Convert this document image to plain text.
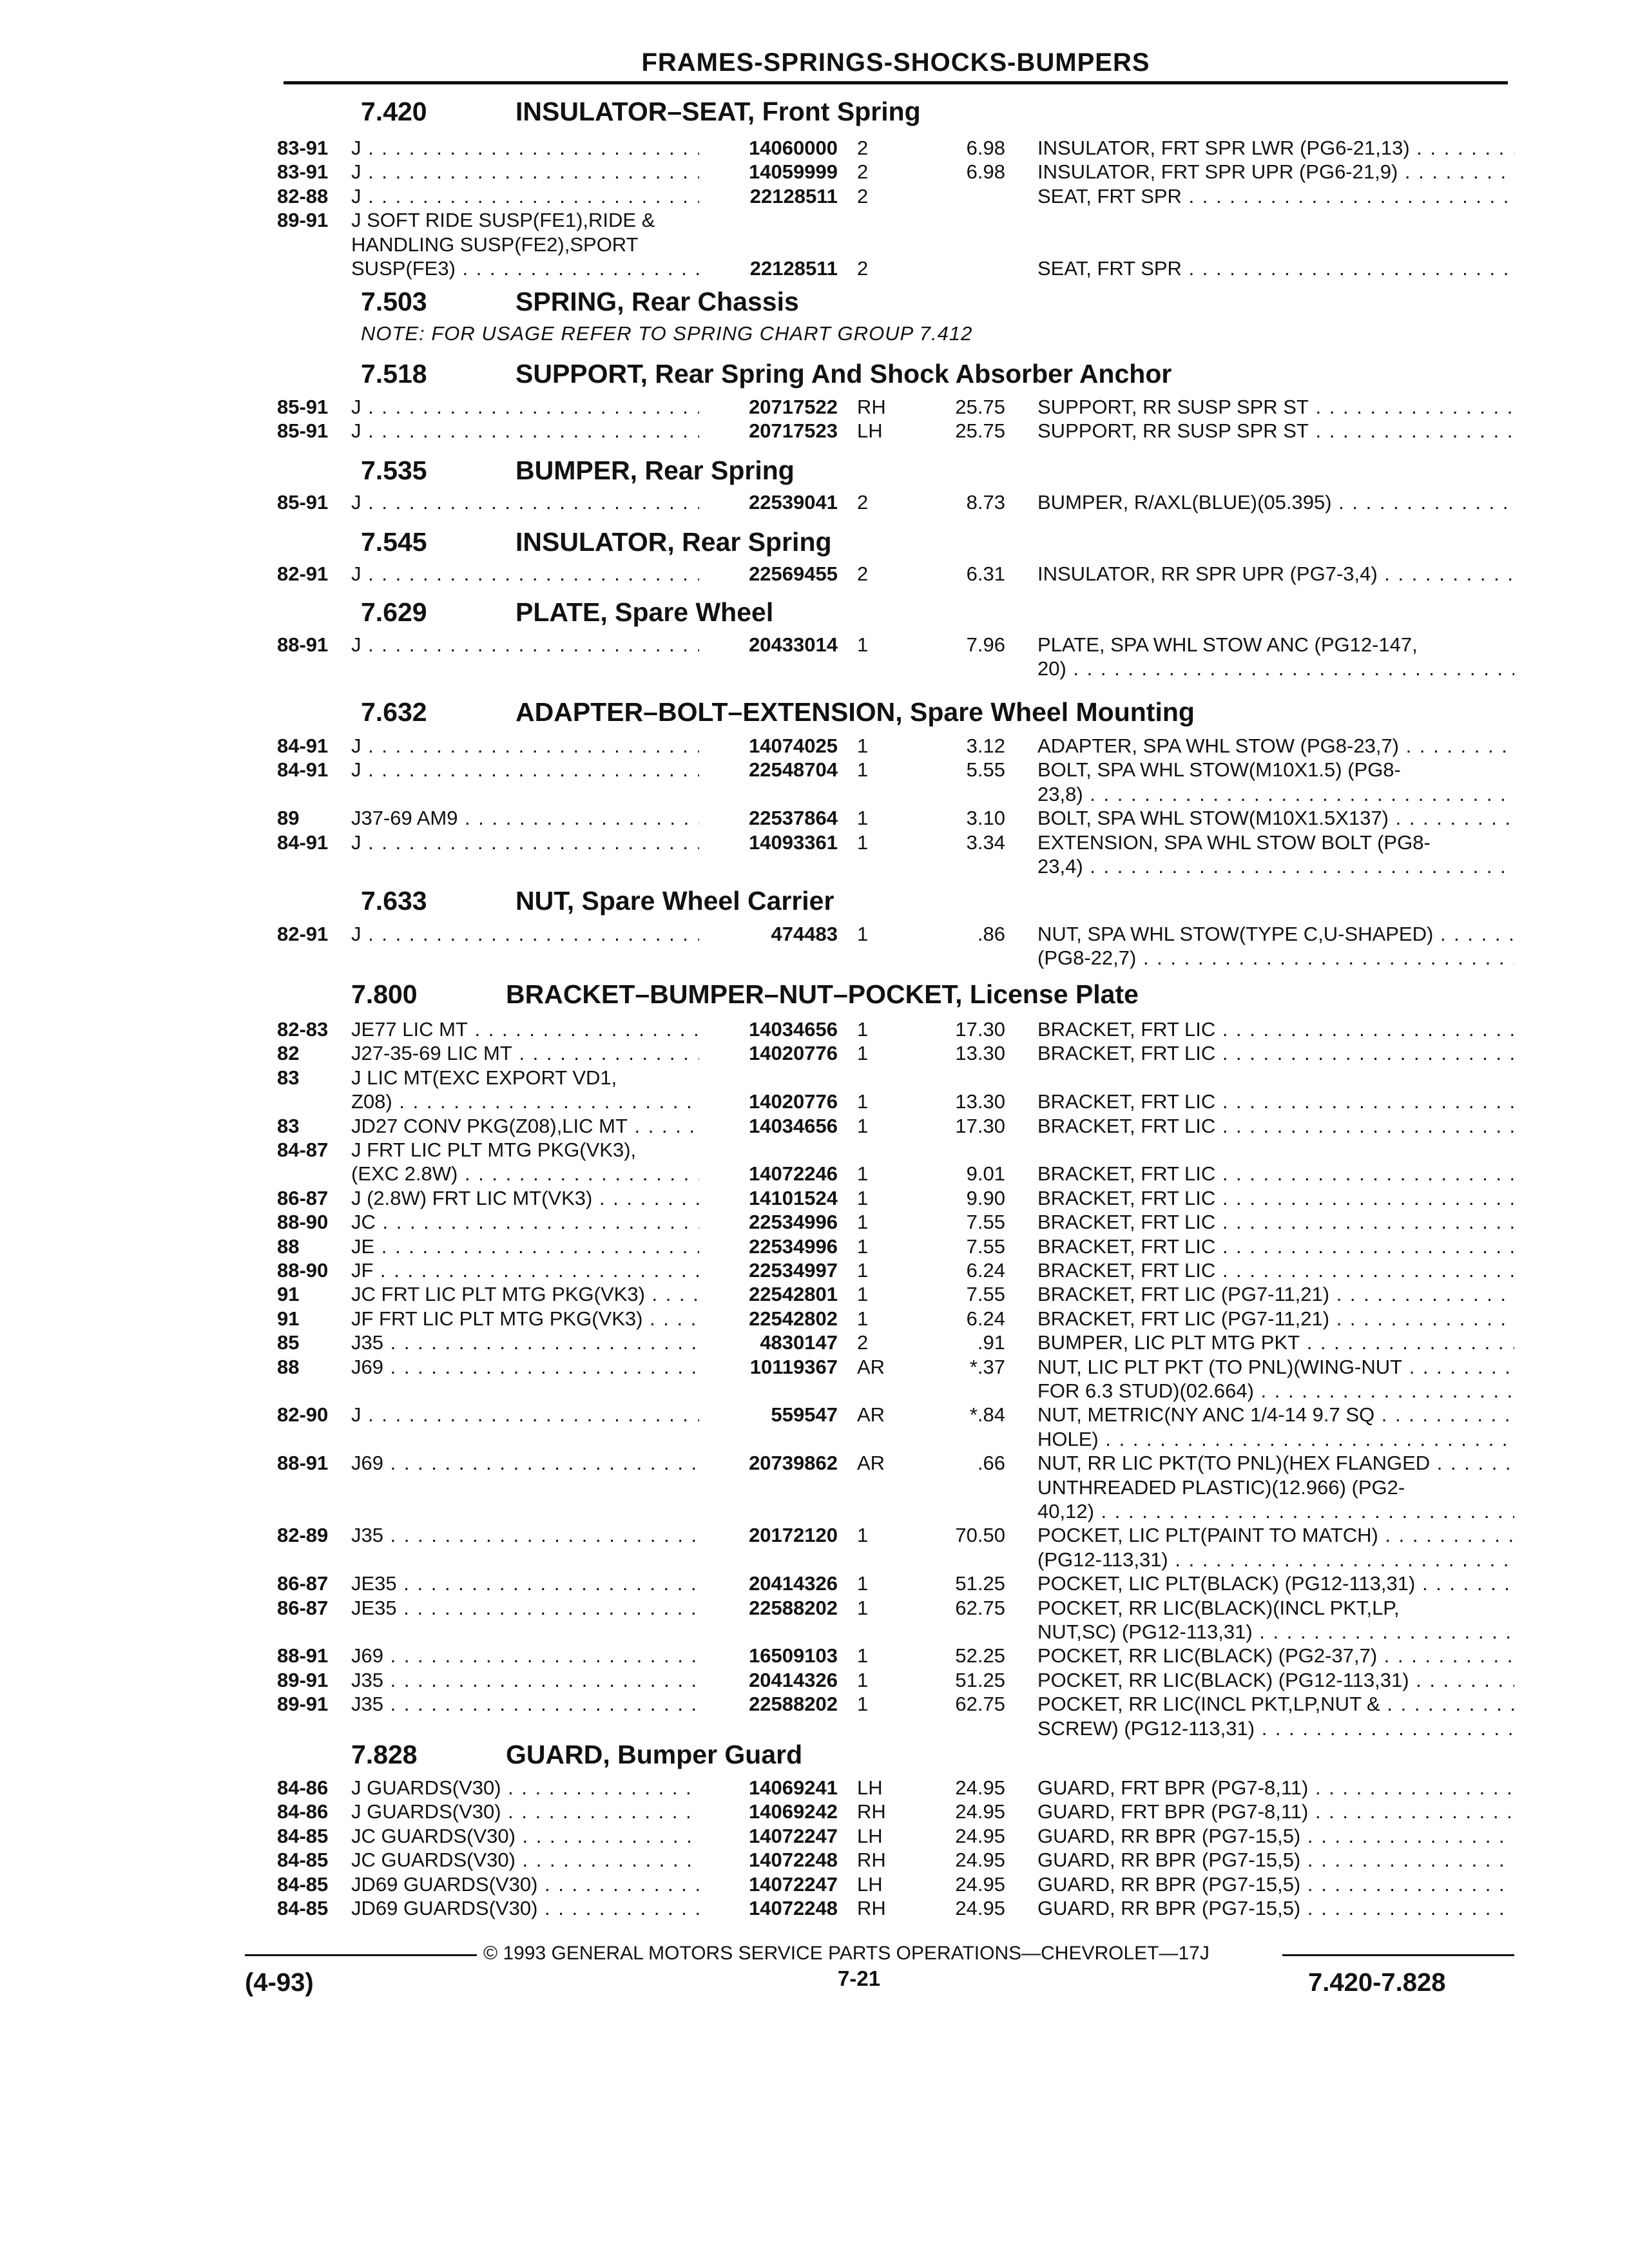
FRAMES-SPRINGS-SHOCKS-BUMPERS
7.420	INSULATOR–SEAT, Front Spring
83-91 J . . .	14060000 2	6.98 INSULATOR, FRT SPR LWR (PG6-21,13) . . .
83-91 J . . .	14059999 2	6.98 INSULATOR, FRT SPR UPR (PG6-21,9) . . .
82-88 J . . .	22128511 2	SEAT, FRT SPR . . .
89-91 J SOFT RIDE SUSP(FE1),RIDE &
HANDLING SUSP(FE2),SPORT
SUSP(FE3) . . .	22128511 2	SEAT, FRT SPR . . .
7.503	SPRING, Rear Chassis
NOTE: FOR USAGE REFER TO SPRING CHART GROUP 7.412
7.518	SUPPORT, Rear Spring And Shock Absorber Anchor
85-91 J . . .	20717522 RH	25.75 SUPPORT, RR SUSP SPR ST . . .
85-91 J . . .	20717523 LH	25.75 SUPPORT, RR SUSP SPR ST . . .
7.535	BUMPER, Rear Spring
85-91 J . . .	22539041 2	8.73 BUMPER, R/AXL(BLUE)(05.395) . . .
7.545	INSULATOR, Rear Spring
82-91 J . . .	22569455 2	6.31 INSULATOR, RR SPR UPR (PG7-3,4) . . .
7.629	PLATE, Spare Wheel
88-91 J . . .	20433014 1	7.96 PLATE, SPA WHL STOW ANC (PG12-147,
20) . . .
7.632	ADAPTER–BOLT–EXTENSION, Spare Wheel Mounting
84-91 J . . .	14074025 1	3.12 ADAPTER, SPA WHL STOW (PG8-23,7) . . .
84-91 J . . .	22548704 1	5.55 BOLT, SPA WHL STOW(M10X1.5) (PG8-
23,8) . . .
89	J37-69 AM9 . . .	22537864 1	3.10 BOLT, SPA WHL STOW(M10X1.5X137) . . .
84-91 J . . .	14093361 1	3.34 EXTENSION, SPA WHL STOW BOLT (PG8-
23,4) . . .
7.633	NUT, Spare Wheel Carrier
82-91 J . . .	474483 1	.86 NUT, SPA WHL STOW(TYPE C,U-SHAPED) . . .
(PG8-22,7) . . .
7.800	BRACKET–BUMPER–NUT–POCKET, License Plate
82-83 JE77 LIC MT . . .	14034656 1	17.30 BRACKET, FRT LIC . . .
82	J27-35-69 LIC MT . . .	14020776 1	13.30 BRACKET, FRT LIC . . .
83	J LIC MT(EXC EXPORT VD1,
Z08) . . .	14020776 1	13.30 BRACKET, FRT LIC . . .
83	JD27 CONV PKG(Z08),LIC MT . . .	14034656 1	17.30 BRACKET, FRT LIC . . .
84-87 J FRT LIC PLT MTG PKG(VK3),
(EXC 2.8W) . . .	14072246 1	9.01 BRACKET, FRT LIC . . .
86-87 J (2.8W) FRT LIC MT(VK3) . . .	14101524 1	9.90 BRACKET, FRT LIC . . .
88-90 JC . . .	22534996 1	7.55 BRACKET, FRT LIC . . .
88	JE . . .	22534996 1	7.55 BRACKET, FRT LIC . . .
88-90 JF . . .	22534997 1	6.24 BRACKET, FRT LIC . . .
91	JC FRT LIC PLT MTG PKG(VK3) . . .	22542801 1	7.55 BRACKET, FRT LIC (PG7-11,21) . . .
91	JF FRT LIC PLT MTG PKG(VK3) . . .	22542802 1	6.24 BRACKET, FRT LIC (PG7-11,21) . . .
85	J35 . . .	4830147 2	.91 BUMPER, LIC PLT MTG PKT . . .
88	J69 . . .	10119367 AR	*.37 NUT, LIC PLT PKT (TO PNL)(WING-NUT . . .
FOR 6.3 STUD)(02.664) . . .
82-90 J . . .	559547 AR	*.84 NUT, METRIC(NY ANC 1/4-14 9.7 SQ . . .
HOLE) . . .
88-91 J69 . . .	20739862 AR	.66 NUT, RR LIC PKT(TO PNL)(HEX FLANGED . . .
UNTHREADED PLASTIC)(12.966) (PG2-
40,12) . . .
82-89 J35 . . .	20172120 1	70.50 POCKET, LIC PLT(PAINT TO MATCH) . . .
(PG12-113,31) . . .
86-87 JE35 . . .	20414326 1	51.25 POCKET, LIC PLT(BLACK) (PG12-113,31) . . .
86-87 JE35 . . .	22588202 1	62.75 POCKET, RR LIC(BLACK)(INCL PKT,LP,
NUT,SC) (PG12-113,31) . . .
88-91 J69 . . .	16509103 1	52.25 POCKET, RR LIC(BLACK) (PG2-37,7) . . .
89-91 J35 . . .	20414326 1	51.25 POCKET, RR LIC(BLACK) (PG12-113,31) . . .
89-91 J35 . . .	22588202 1	62.75 POCKET, RR LIC(INCL PKT,LP,NUT & . . .
SCREW) (PG12-113,31) . . .
7.828	GUARD, Bumper Guard
84-86 J GUARDS(V30) . . .	14069241 LH	24.95 GUARD, FRT BPR (PG7-8,11) . . .
84-86 J GUARDS(V30) . . .	14069242 RH	24.95 GUARD, FRT BPR (PG7-8,11) . . .
84-85 JC GUARDS(V30) . . .	14072247 LH	24.95 GUARD, RR BPR (PG7-15,5) . . .
84-85 JC GUARDS(V30) . . .	14072248 RH	24.95 GUARD, RR BPR (PG7-15,5) . . .
84-85 JD69 GUARDS(V30) . . .	14072247 LH	24.95 GUARD, RR BPR (PG7-15,5) . . .
84-85 JD69 GUARDS(V30) . . .	14072248 RH	24.95 GUARD, RR BPR (PG7-15,5) . . .
© 1993 GENERAL MOTORS SERVICE PARTS OPERATIONS—CHEVROLET—17J
(4-93)	7-21	7.420-7.828
